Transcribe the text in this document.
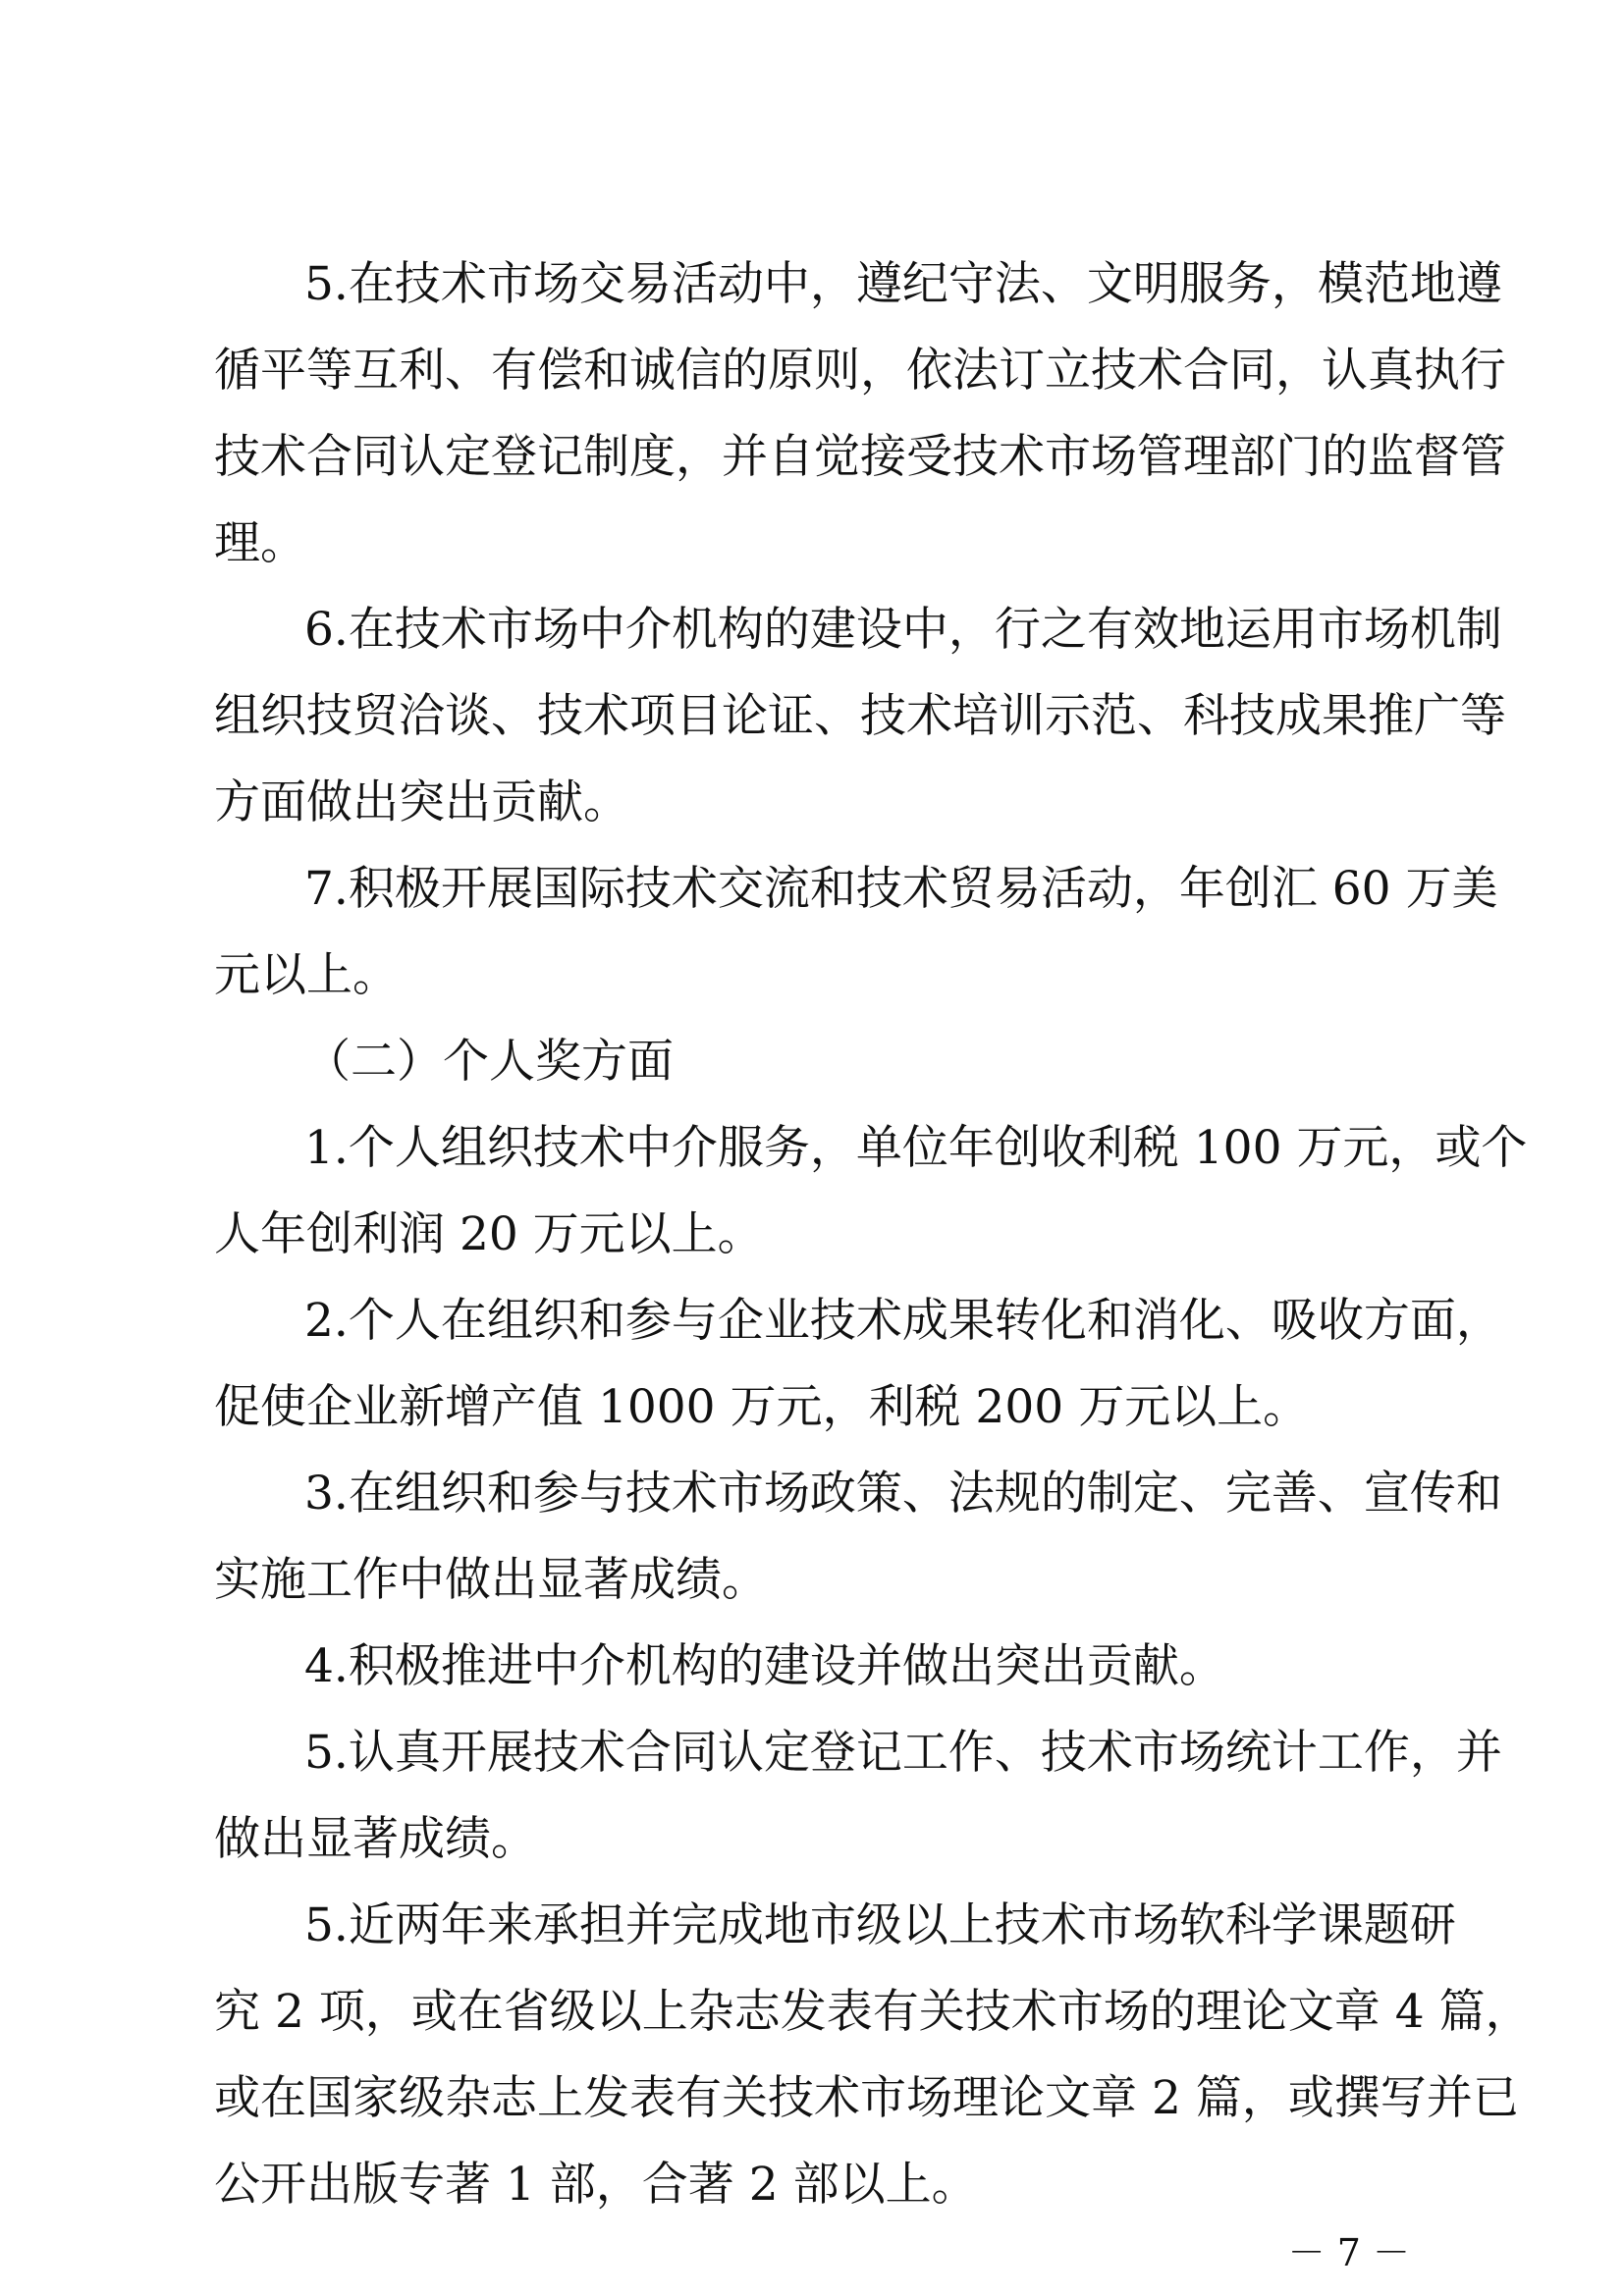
5.在技术市场交易活动中，遵纪守法、文明服务，模范地遵

循平等互利、有偿和诚信的原则，依法订立技术合同，认真执行

技术合同认定登记制度，并自觉接受技术市场管理部门的监督管

理。

6.在技术市场中介机构的建设中，行之有效地运用市场机制

组织技贸洽谈、技术项目论证、技术培训示范、科技成果推广等

方面做出突出贡献。

7.积极开展国际技术交流和技术贸易活动，年创汇 60 万美

元以上。

（二）个人奖方面

1.个人组织技术中介服务，单位年创收利税 100 万元，或个

人年创利润 20 万元以上。

2.个人在组织和参与企业技术成果转化和消化、吸收方面，

促使企业新增产值 1000 万元，利税 200 万元以上。

3.在组织和参与技术市场政策、法规的制定、完善、宣传和

实施工作中做出显著成绩。

4.积极推进中介机构的建设并做出突出贡献。

5.认真开展技术合同认定登记工作、技术市场统计工作，并

做出显著成绩。

5.近两年来承担并完成地市级以上技术市场软科学课题研

究 2 项，或在省级以上杂志发表有关技术市场的理论文章 4 篇，

或在国家级杂志上发表有关技术市场理论文章 2 篇，或撰写并已

公开出版专著 1 部，合著 2 部以上。

－ 7 －
